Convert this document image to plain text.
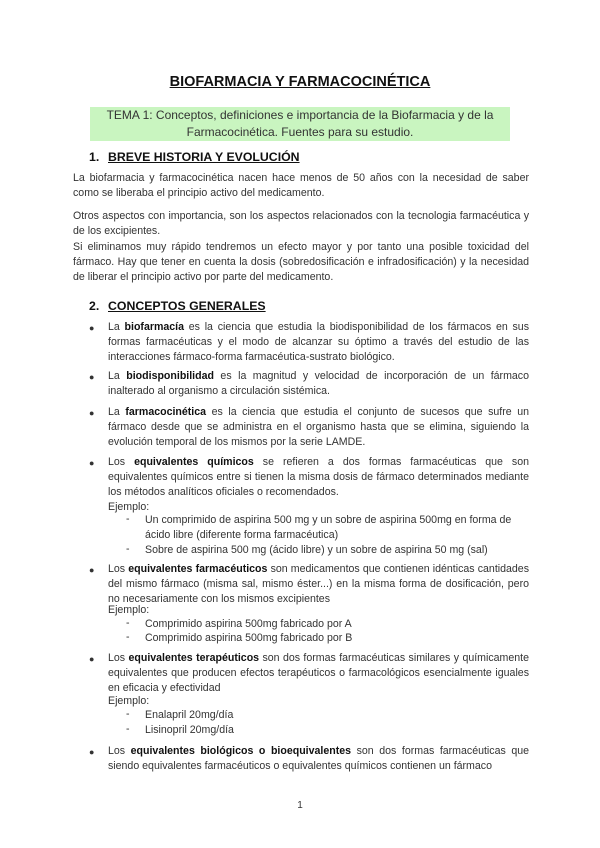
BIOFARMACIA Y FARMACOCINÉTICA
TEMA 1: Conceptos, definiciones e importancia de la Biofarmacia y de la
Farmacocinética. Fuentes para su estudio.
1. BREVE HISTORIA Y EVOLUCIÓN
La biofarmacia y farmacocinética nacen hace menos de 50 años con la necesidad de saber como se liberaba el principio activo del medicamento.
Otros aspectos con importancia, son los aspectos relacionados con la tecnologia farmacéutica y de los excipientes.
Si eliminamos muy rápido tendremos un efecto mayor y por tanto una posible toxicidad del fármaco. Hay que tener en cuenta la dosis (sobredosificación e infradosificación) y la necesidad de liberar el principio activo por parte del medicamento.
2. CONCEPTOS GENERALES
● La biofarmacía es la ciencia que estudia la biodisponibilidad de los fármacos en sus formas farmacéuticas y el modo de alcanzar su óptimo a través del estudio de las interacciones fármaco-forma farmacéutica-sustrato biológico.
● La biodisponibilidad es la magnitud y velocidad de incorporación de un fármaco inalterado al organismo a circulación sistémica.
● La farmacocinética es la ciencia que estudia el conjunto de sucesos que sufre un fármaco desde que se administra en el organismo hasta que se elimina, siguiendo la evolución temporal de los mismos por la serie LAMDE.
● Los equivalentes químicos se refieren a dos formas farmacéuticas que son equivalentes químicos entre si tienen la misma dosis de fármaco determinados mediante los métodos analíticos oficiales o recomendados.
Ejemplo:
- Un comprimido de aspirina 500 mg y un sobre de aspirina 500mg en forma de ácido libre (diferente forma farmacéutica)
- Sobre de aspirina 500 mg (ácido libre) y un sobre de aspirina 50 mg (sal)
● Los equivalentes farmacéuticos son medicamentos que contienen idénticas cantidades del mismo fármaco (misma sal, mismo éster...) en la misma forma de dosificación, pero no necesariamente con los mismos excipientes
Ejemplo:
- Comprimido aspirina 500mg fabricado por A
- Comprimido aspirina 500mg fabricado por B
● Los equivalentes terapéuticos son dos formas farmacéuticas similares y químicamente equivalentes que producen efectos terapéuticos o farmacológicos esencialmente iguales en eficacia y efectividad
Ejemplo:
- Enalapril 20mg/día
- Lisinopril 20mg/día
● Los equivalentes biológicos o bioequivalentes son dos formas farmacéuticas que siendo equivalentes farmacéuticos o equivalentes químicos contienen un fármaco
1
